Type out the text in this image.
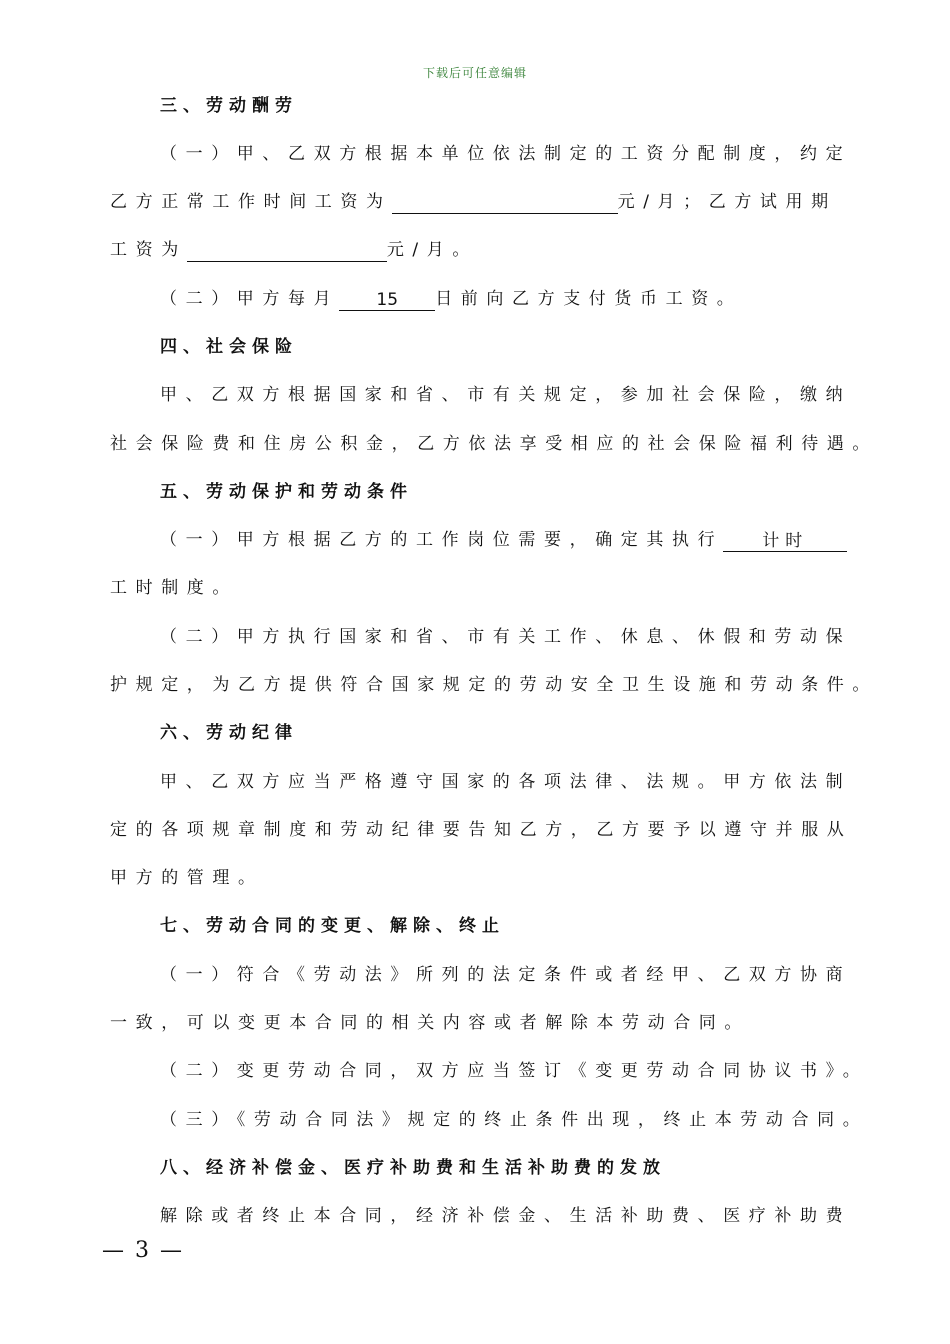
下载后可任意编辑
三、劳动酬劳
（一）甲、乙双方根据本单位依法制定的工资分配制度，约定
乙方正常工作时间工资为	元/月；乙方试用期
工资为	元/月。
（二）甲方每月 15 日前向乙方支付货币工资。
四、社会保险
甲、乙双方根据国家和省、市有关规定，参加社会保险，缴纳
社会保险费和住房公积金，乙方依法享受相应的社会保险福利待遇。
五、劳动保护和劳动条件
（一）甲方根据乙方的工作岗位需要，确定其执行 计时
工时制度。
（二）甲方执行国家和省、市有关工作、休息、休假和劳动保
护规定，为乙方提供符合国家规定的劳动安全卫生设施和劳动条件。
六、劳动纪律
甲、乙双方应当严格遵守国家的各项法律、法规。甲方依法制
定的各项规章制度和劳动纪律要告知乙方，乙方要予以遵守并服从
甲方的管理。
七、劳动合同的变更、解除、终止
（一）符合《劳动法》所列的法定条件或者经甲、乙双方协商
一致，可以变更本合同的相关内容或者解除本劳动合同。
（二）变更劳动合同，双方应当签订《变更劳动合同协议书》。
（三）《劳动合同法》规定的终止条件出现，终止本劳动合同。
八、经济补偿金、医疗补助费和生活补助费的发放
解除或者终止本合同，经济补偿金、生活补助费、医疗补助费
— 3 —
